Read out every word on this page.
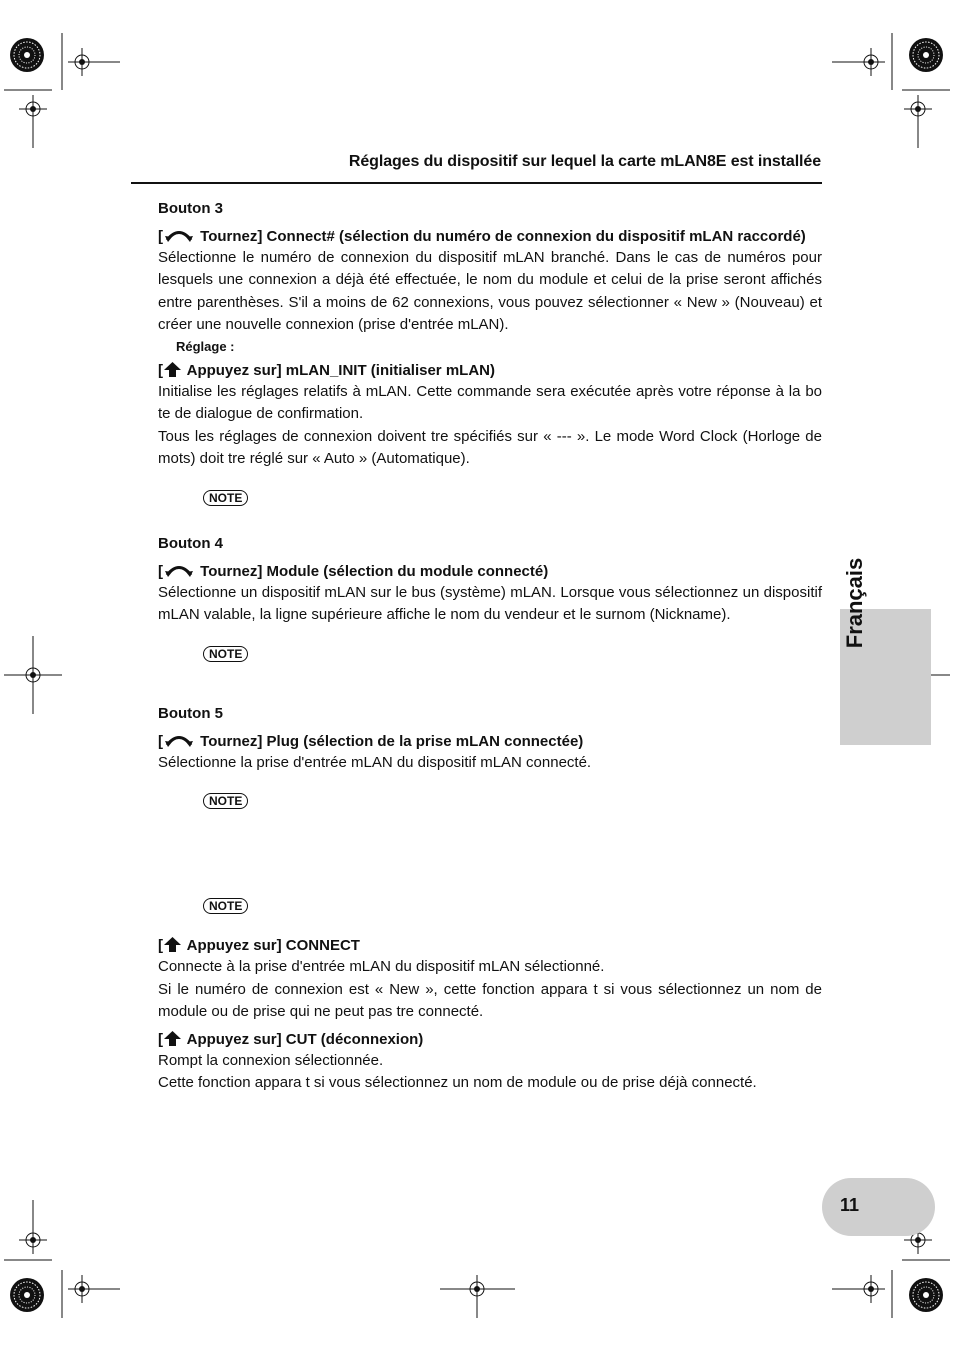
Réglages du dispositif sur lequel la carte mLAN8E est installée
Français
11
Bouton 3
[ Tournez] Connect# (sélection du numéro de connexion du dispositif mLAN raccordé)

Sélectionne le numéro de connexion du dispositif mLAN branché. Dans le cas de numéros pour lesquels une connexion a déjà été effectuée, le nom du module et celui de la prise seront affichés entre parenthèses. S'il a moins de 62 connexions, vous pouvez sélectionner « New » (Nouveau) et créer une nouvelle connexion (prise d'entrée mLAN).

Réglage :
[ Appuyez sur] mLAN_INIT (initialiser mLAN)

Initialise les réglages relatifs à mLAN. Cette commande sera exécutée après votre réponse à la bo te de dialogue de confirmation.

Tous les réglages de connexion doivent tre spécifiés sur « --- ». Le mode Word Clock (Horloge de mots) doit tre réglé sur « Auto » (Automatique).

NOTE
Bouton 4
[ Tournez] Module (sélection du module connecté)

Sélectionne un dispositif mLAN sur le bus (système) mLAN. Lorsque vous sélectionnez un dispositif mLAN valable, la ligne supérieure affiche le nom du vendeur et le surnom (Nickname).

NOTE
Bouton 5
[ Tournez] Plug (sélection de la prise mLAN connectée)

Sélectionne la prise d'entrée mLAN du dispositif mLAN connecté.

NOTE
NOTE
[ Appuyez sur] CONNECT

Connecte à la prise d'entrée mLAN du dispositif mLAN sélectionné.

Si le numéro de connexion est « New », cette fonction appara t si vous sélectionnez un nom de module ou de prise qui ne peut pas tre connecté.

[ Appuyez sur] CUT (déconnexion)

Rompt la connexion sélectionnée.

Cette fonction appara t si vous sélectionnez un nom de module ou de prise déjà connecté.
